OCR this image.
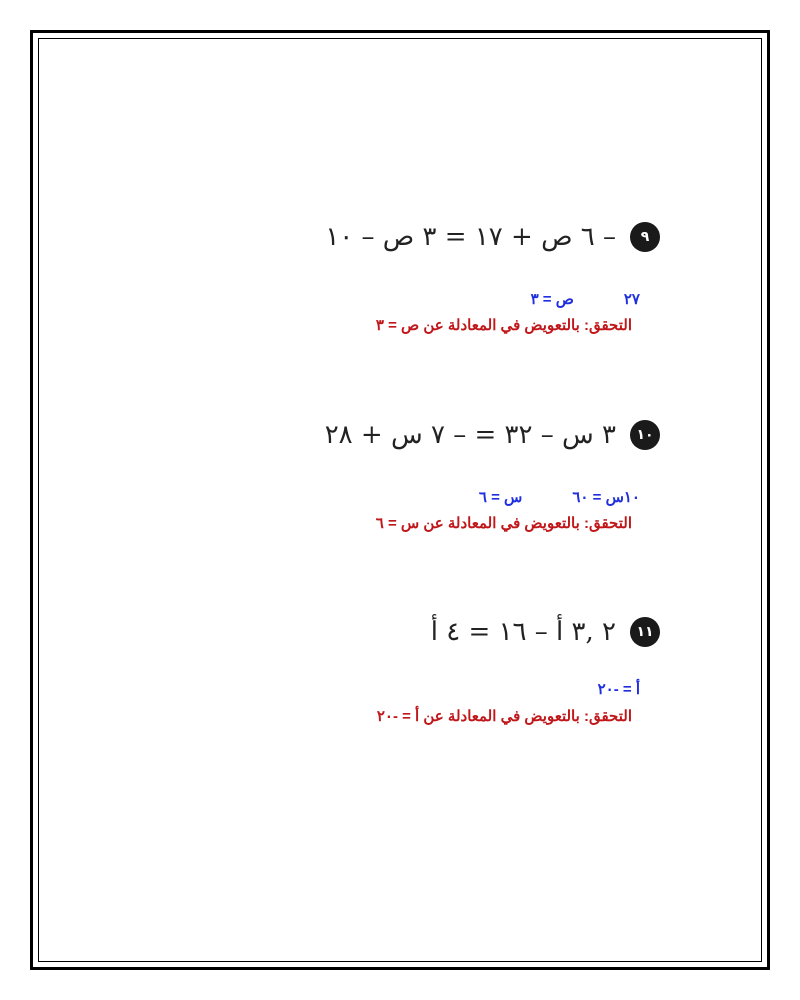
٩
– ٦ ص + ١٧ = ٣ ص – ١٠
٢٧ص = ٣
التحقق: بالتعويض في المعادلة عن ص = ٣
١٠
٣ س – ٣٢ = – ٧ س + ٢٨
١٠س = ٦٠س = ٦
التحقق: بالتعويض في المعادلة عن س = ٦
١١
٢ ,٣ أ – ١٦ = ٤ أ
أ = -٢٠
التحقق: بالتعويض في المعادلة عن أ = -٢٠
